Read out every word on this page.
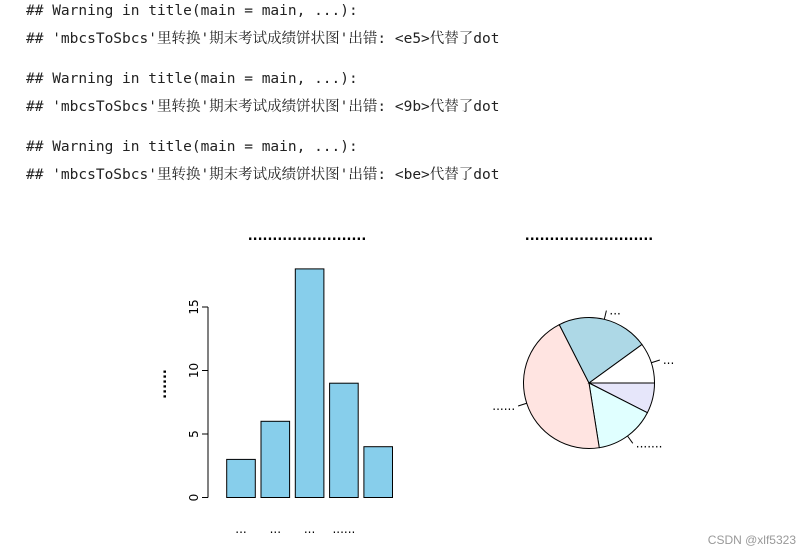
## Warning in title(main = main, ...):
## 'mbcsToSbcs'里转换'期末考试成绩饼状图'出错: <e5>代替了dot
## Warning in title(main = main, ...):
## 'mbcsToSbcs'里转换'期末考试成绩饼状图'出错: <9b>代替了dot
## Warning in title(main = main, ...):
## 'mbcsToSbcs'里转换'期末考试成绩饼状图'出错: <be>代替了dot
........................
......
0
5
10
15
... ... ... ......
..........................
.......
......
...
...
CSDN @xlf5323
